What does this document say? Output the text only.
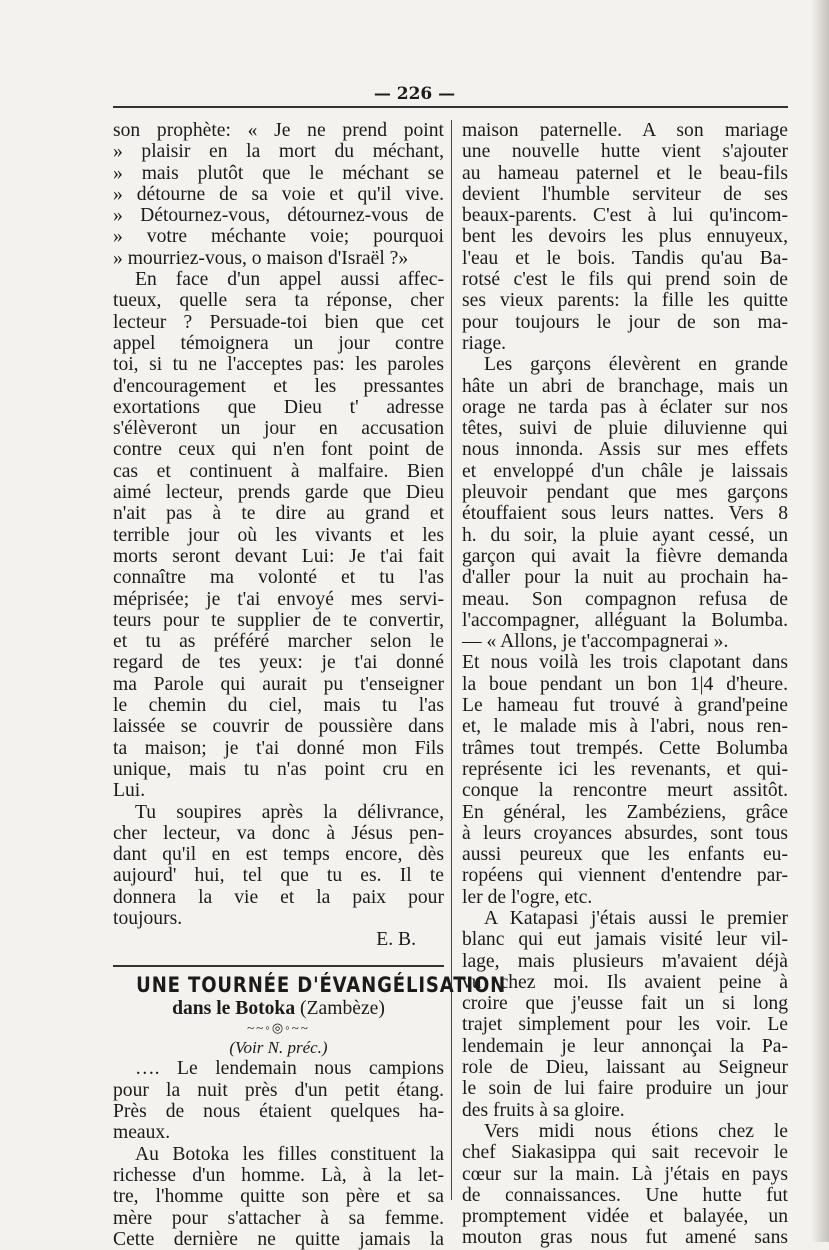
— 226 —
son prophète: « Je ne prend point
» plaisir en la mort du méchant,
» mais plutôt que le méchant se
» détourne de sa voie et qu'il vive.
» Détournez-vous, détournez-vous de
» votre méchante voie; pourquoi
» mourriez-vous, o maison d'Israël ?»
En face d'un appel aussi affec-
tueux, quelle sera ta réponse, cher
lecteur ? Persuade-toi bien que cet
appel témoignera un jour contre
toi, si tu ne l'acceptes pas: les paroles
d'encouragement et les pressantes
exortations que Dieu t' adresse
s'élèveront un jour en accusation
contre ceux qui n'en font point de
cas et continuent à malfaire. Bien
aimé lecteur, prends garde que Dieu
n'ait pas à te dire au grand et
terrible jour où les vivants et les
morts seront devant Lui: Je t'ai fait
connaître ma volonté et tu l'as
méprisée; je t'ai envoyé mes servi-
teurs pour te supplier de te convertir,
et tu as préféré marcher selon le
regard de tes yeux: je t'ai donné
ma Parole qui aurait pu t'enseigner
le chemin du ciel, mais tu l'as
laissée se couvrir de poussière dans
ta maison; je t'ai donné mon Fils
unique, mais tu n'as point cru en
Lui.
Tu soupires après la délivrance,
cher lecteur, va donc à Jésus pen-
dant qu'il en est temps encore, dès
aujourd' hui, tel que tu es. Il te
donnera la vie et la paix pour
toujours.
E. B.
UNE TOURNÉE D'ÉVANGÉLISATION
dans le Botoka (Zambèze)
~~◦◎◦~~
(Voir N. préc.)
…. Le lendemain nous campions
pour la nuit près d'un petit étang.
Près de nous étaient quelques ha-
meaux.
Au Botoka les filles constituent la
richesse d'un homme. Là, à la let-
tre, l'homme quitte son père et sa
mère pour s'attacher à sa femme.
Cette dernière ne quitte jamais la
maison paternelle. A son mariage
une nouvelle hutte vient s'ajouter
au hameau paternel et le beau-fils
devient l'humble serviteur de ses
beaux-parents. C'est à lui qu'incom-
bent les devoirs les plus ennuyeux,
l'eau et le bois. Tandis qu'au Ba-
rotsé c'est le fils qui prend soin de
ses vieux parents: la fille les quitte
pour toujours le jour de son ma-
riage.
Les garçons élevèrent en grande
hâte un abri de branchage, mais un
orage ne tarda pas à éclater sur nos
têtes, suivi de pluie diluvienne qui
nous innonda. Assis sur mes effets
et enveloppé d'un châle je laissais
pleuvoir pendant que mes garçons
étouffaient sous leurs nattes. Vers 8
h. du soir, la pluie ayant cessé, un
garçon qui avait la fièvre demanda
d'aller pour la nuit au prochain ha-
meau. Son compagnon refusa de
l'accompagner, alléguant la Bolumba.
— « Allons, je t'accompagnerai ».
Et nous voilà les trois clapotant dans
la boue pendant un bon 1|4 d'heure.
Le hameau fut trouvé à grand'peine
et, le malade mis à l'abri, nous ren-
trâmes tout trempés. Cette Bolumba
représente ici les revenants, et qui-
conque la rencontre meurt assitôt.
En général, les Zambéziens, grâce
à leurs croyances absurdes, sont tous
aussi peureux que les enfants eu-
ropéens qui viennent d'entendre par-
ler de l'ogre, etc.
A Katapasi j'étais aussi le premier
blanc qui eut jamais visité leur vil-
lage, mais plusieurs m'avaient déjà
vu chez moi. Ils avaient peine à
croire que j'eusse fait un si long
trajet simplement pour les voir. Le
lendemain je leur annonçai la Pa-
role de Dieu, laissant au Seigneur
le soin de lui faire produire un jour
des fruits à sa gloire.
Vers midi nous étions chez le
chef Siakasippa qui sait recevoir le
cœur sur la main. Là j'étais en pays
de connaissances. Une hutte fut
promptement vidée et balayée, un
mouton gras nous fut amené sans
